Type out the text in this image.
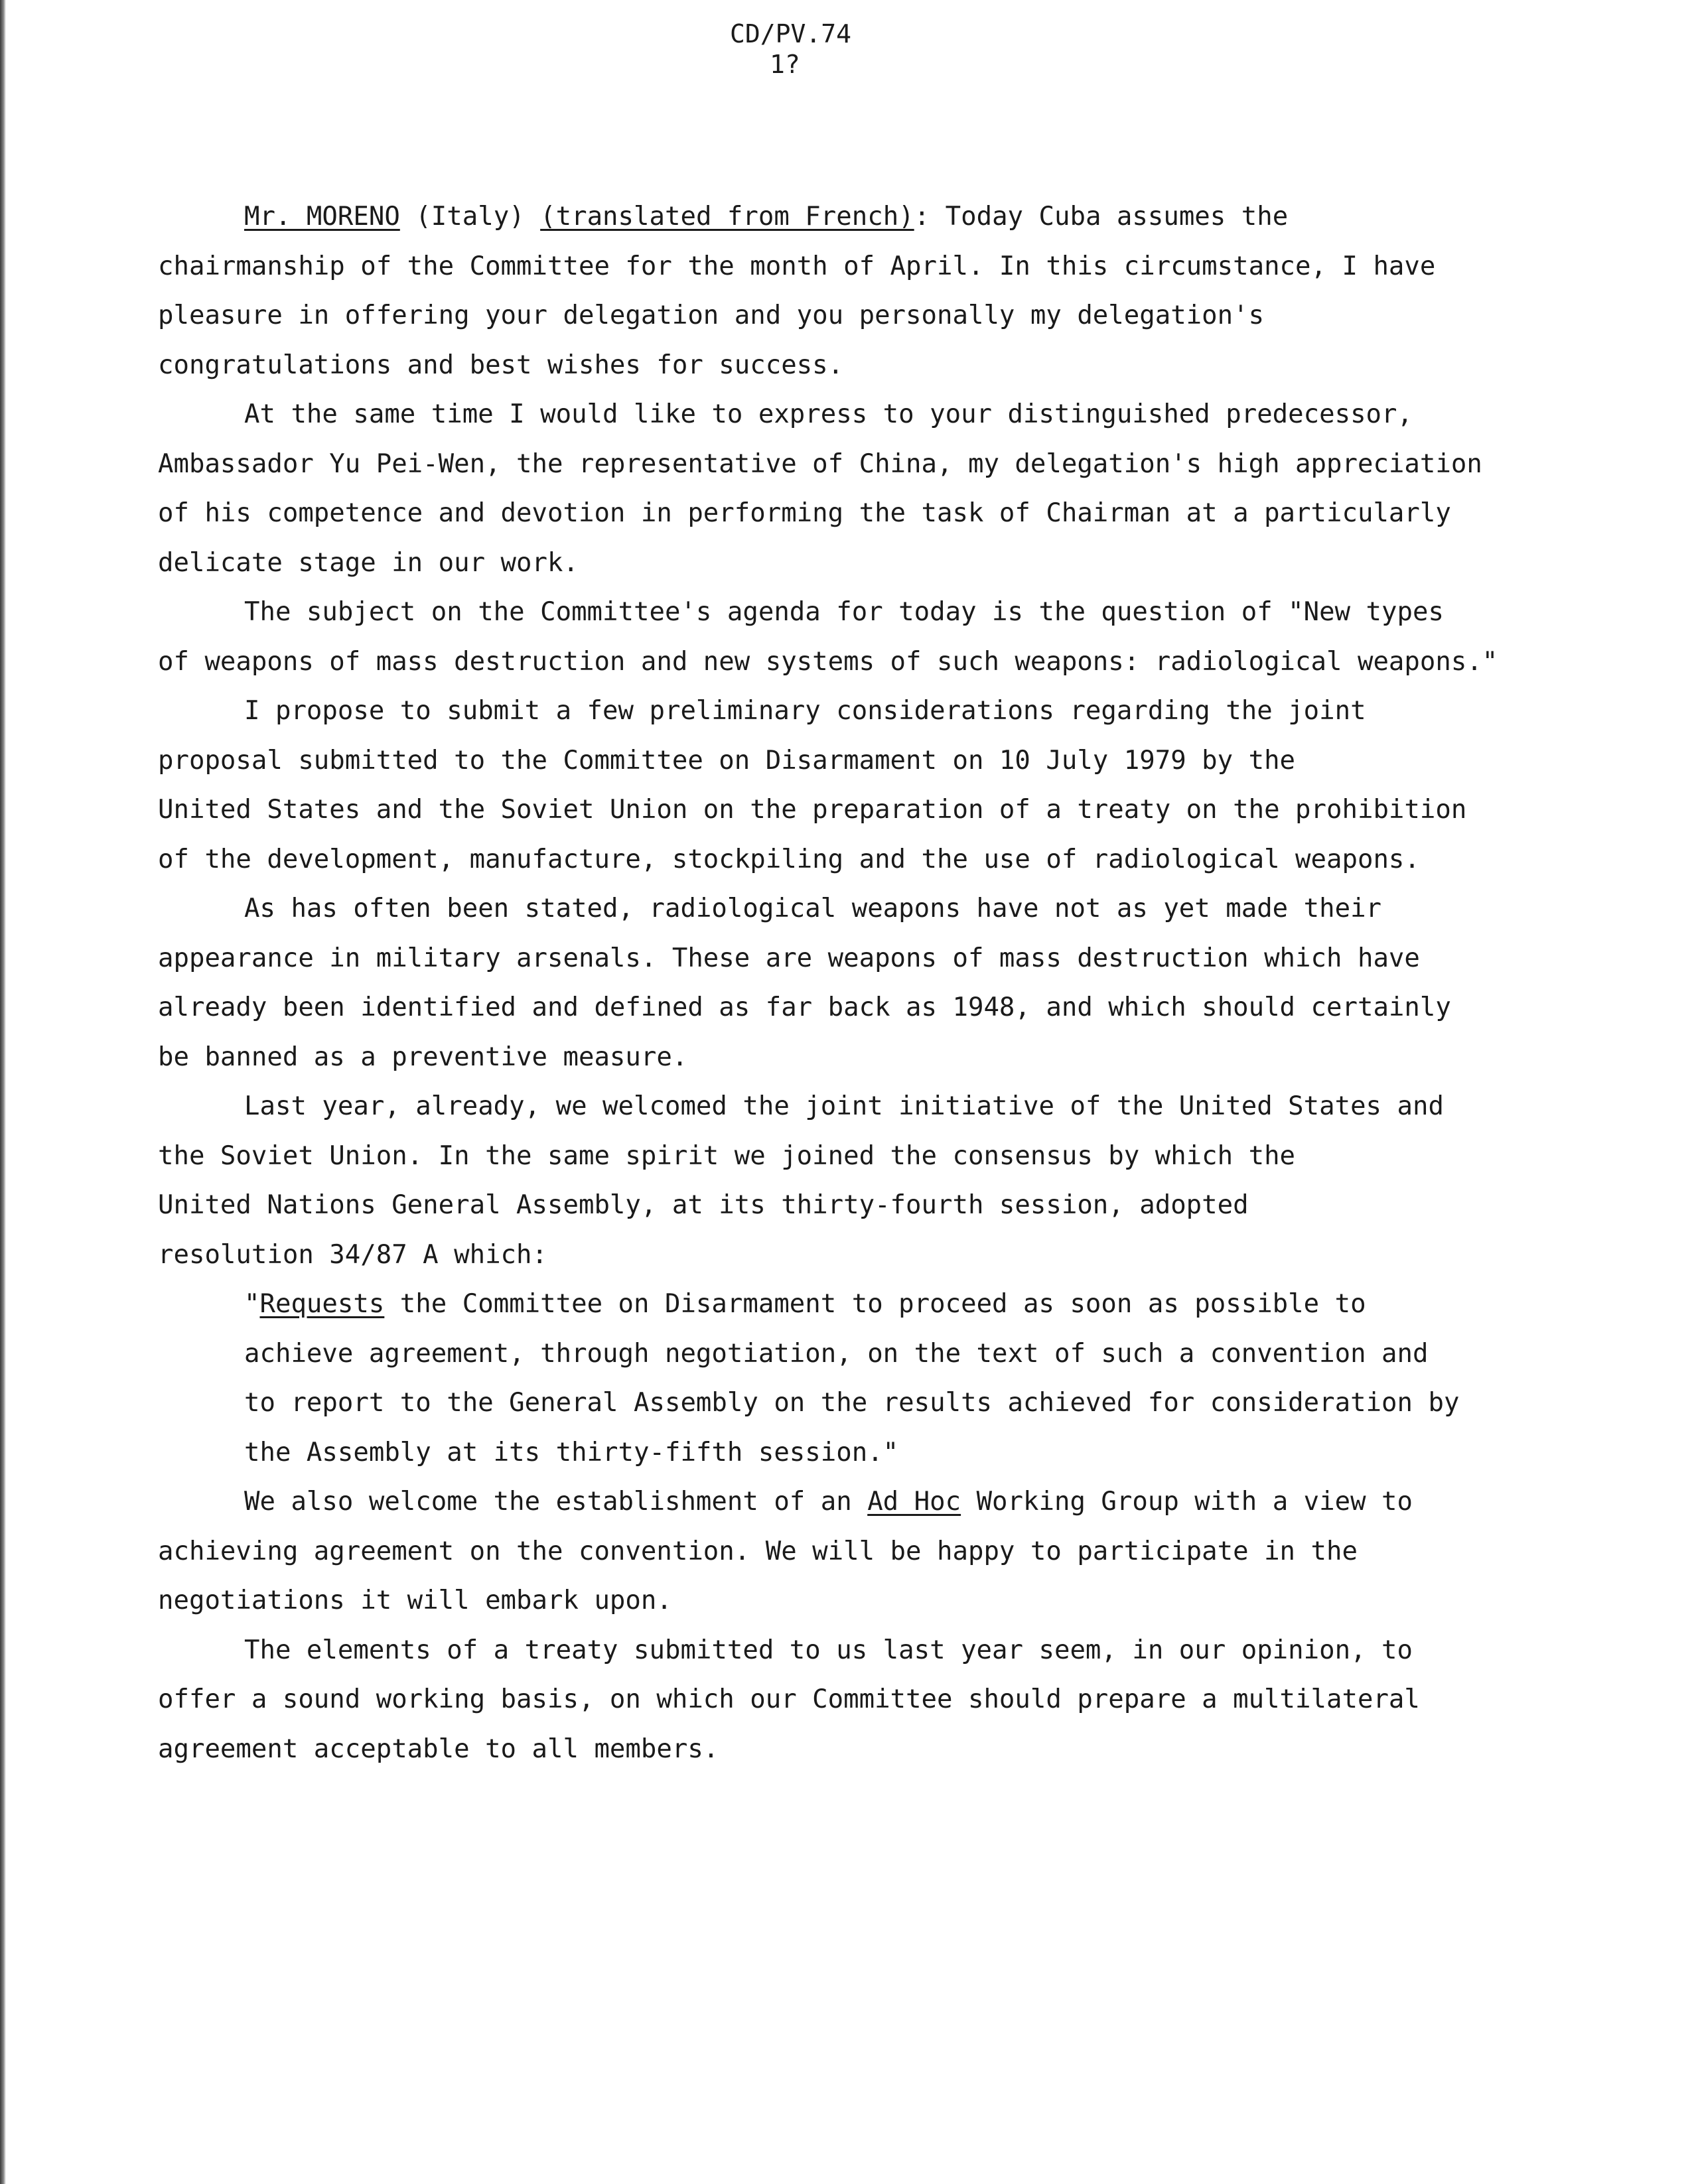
CD/PV.74
1?
Mr. MORENO (Italy) (translated from French): Today Cuba assumes the
chairmanship of the Committee for the month of April. In this circumstance, I have
pleasure in offering your delegation and you personally my delegation's
congratulations and best wishes for success.
At the same time I would like to express to your distinguished predecessor,
Ambassador Yu Pei-Wen, the representative of China, my delegation's high appreciation
of his competence and devotion in performing the task of Chairman at a particularly
delicate stage in our work.
The subject on the Committee's agenda for today is the question of "New types
of weapons of mass destruction and new systems of such weapons: radiological weapons."
I propose to submit a few preliminary considerations regarding the joint
proposal submitted to the Committee on Disarmament on 10 July 1979 by the
United States and the Soviet Union on the preparation of a treaty on the prohibition
of the development, manufacture, stockpiling and the use of radiological weapons.
As has often been stated, radiological weapons have not as yet made their
appearance in military arsenals. These are weapons of mass destruction which have
already been identified and defined as far back as 1948, and which should certainly
be banned as a preventive measure.
Last year, already, we welcomed the joint initiative of the United States and
the Soviet Union. In the same spirit we joined the consensus by which the
United Nations General Assembly, at its thirty-fourth session, adopted
resolution 34/87 A which:
"Requests the Committee on Disarmament to proceed as soon as possible to
achieve agreement, through negotiation, on the text of such a convention and
to report to the General Assembly on the results achieved for consideration by
the Assembly at its thirty-fifth session."
We also welcome the establishment of an Ad Hoc Working Group with a view to
achieving agreement on the convention. We will be happy to participate in the
negotiations it will embark upon.
The elements of a treaty submitted to us last year seem, in our opinion, to
offer a sound working basis, on which our Committee should prepare a multilateral
agreement acceptable to all members.
